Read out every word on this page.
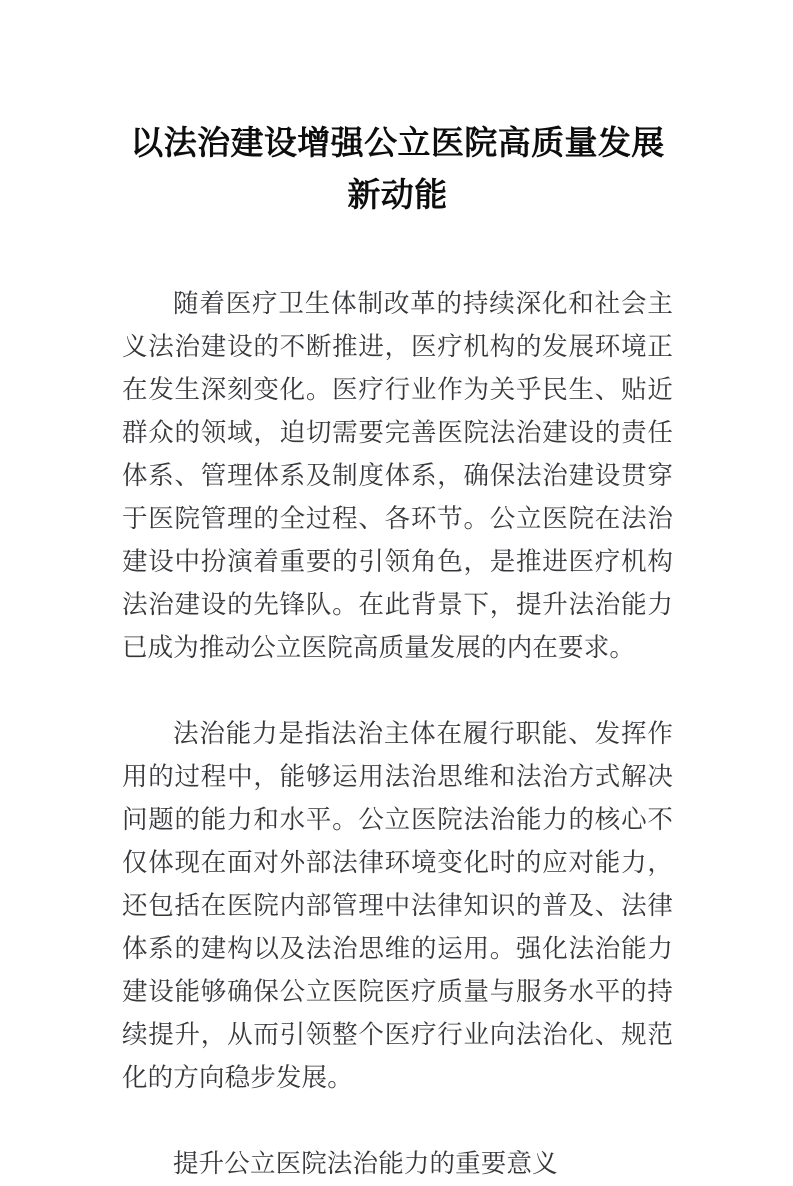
以法治建设增强公立医院高质量发展新动能

随着医疗卫生体制改革的持续深化和社会主义法治建设的不断推进，医疗机构的发展环境正在发生深刻变化。医疗行业作为关乎民生、贴近群众的领域，迫切需要完善医院法治建设的责任体系、管理体系及制度体系，确保法治建设贯穿于医院管理的全过程、各环节。公立医院在法治建设中扮演着重要的引领角色，是推进医疗机构法治建设的先锋队。在此背景下，提升法治能力已成为推动公立医院高质量发展的内在要求。

法治能力是指法治主体在履行职能、发挥作用的过程中，能够运用法治思维和法治方式解决问题的能力和水平。公立医院法治能力的核心不仅体现在面对外部法律环境变化时的应对能力，还包括在医院内部管理中法律知识的普及、法律体系的建构以及法治思维的运用。强化法治能力建设能够确保公立医院医疗质量与服务水平的持续提升，从而引领整个医疗行业向法治化、规范化的方向稳步发展。

提升公立医院法治能力的重要意义
